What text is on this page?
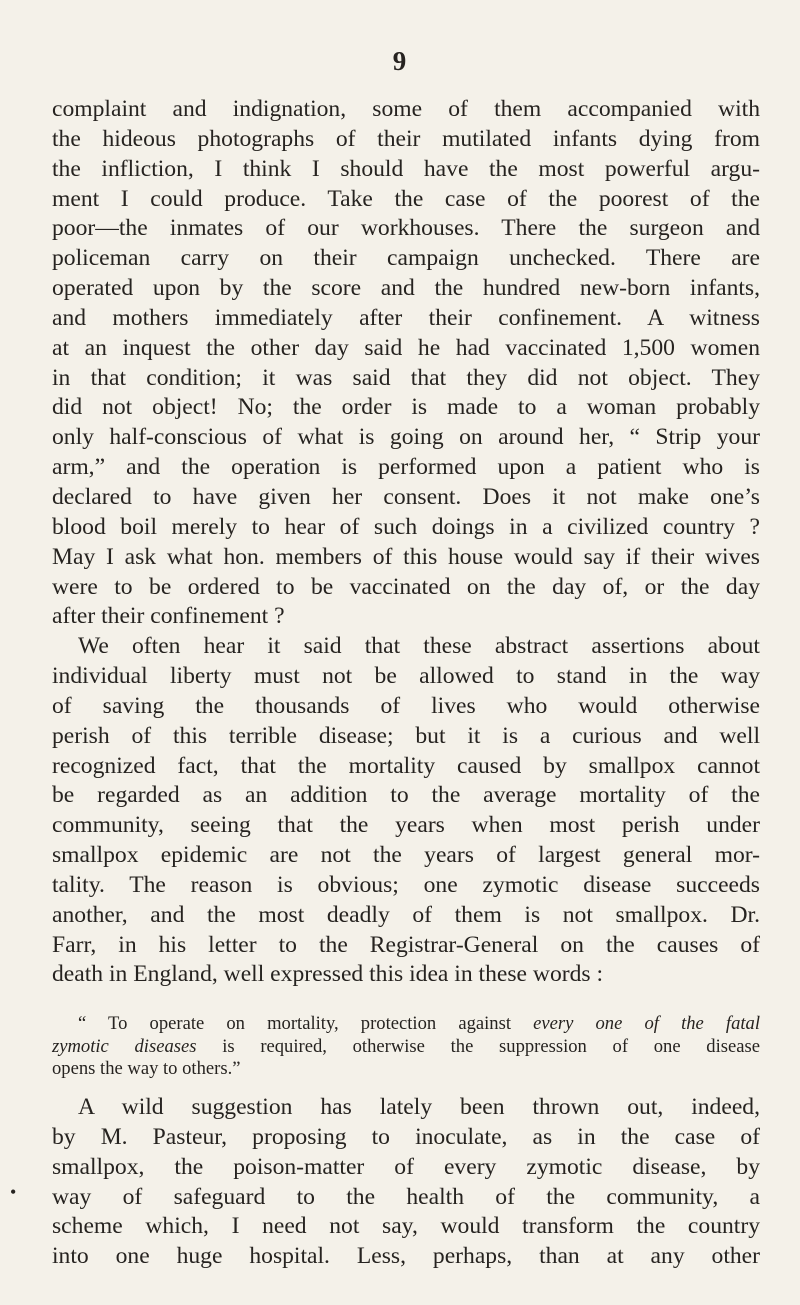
9
complaint and indignation, some of them accompanied with
the hideous photographs of their mutilated infants dying from
the infliction, I think I should have the most powerful argu-
ment I could produce. Take the case of the poorest of the
poor—the inmates of our workhouses. There the surgeon and
policeman carry on their campaign unchecked. There are
operated upon by the score and the hundred new-born infants,
and mothers immediately after their confinement. A witness
at an inquest the other day said he had vaccinated 1,500 women
in that condition; it was said that they did not object. They
did not object! No; the order is made to a woman probably
only half-conscious of what is going on around her, “ Strip your
arm,” and the operation is performed upon a patient who is
declared to have given her consent. Does it not make one’s
blood boil merely to hear of such doings in a civilized country ?
May I ask what hon. members of this house would say if their wives
were to be ordered to be vaccinated on the day of, or the day
after their confinement ?
We often hear it said that these abstract assertions about
individual liberty must not be allowed to stand in the way
of saving the thousands of lives who would otherwise
perish of this terrible disease; but it is a curious and well
recognized fact, that the mortality caused by smallpox cannot
be regarded as an addition to the average mortality of the
community, seeing that the years when most perish under
smallpox epidemic are not the years of largest general mor-
tality. The reason is obvious; one zymotic disease succeeds
another, and the most deadly of them is not smallpox. Dr.
Farr, in his letter to the Registrar-General on the causes of
death in England, well expressed this idea in these words :
“ To operate on mortality, protection against every one of the fatal
zymotic diseases is required, otherwise the suppression of one disease
opens the way to others.”
A wild suggestion has lately been thrown out, indeed,
by M. Pasteur, proposing to inoculate, as in the case of
smallpox, the poison-matter of every zymotic disease, by
way of safeguard to the health of the community, a
scheme which, I need not say, would transform the country
into one huge hospital. Less, perhaps, than at any other
•
